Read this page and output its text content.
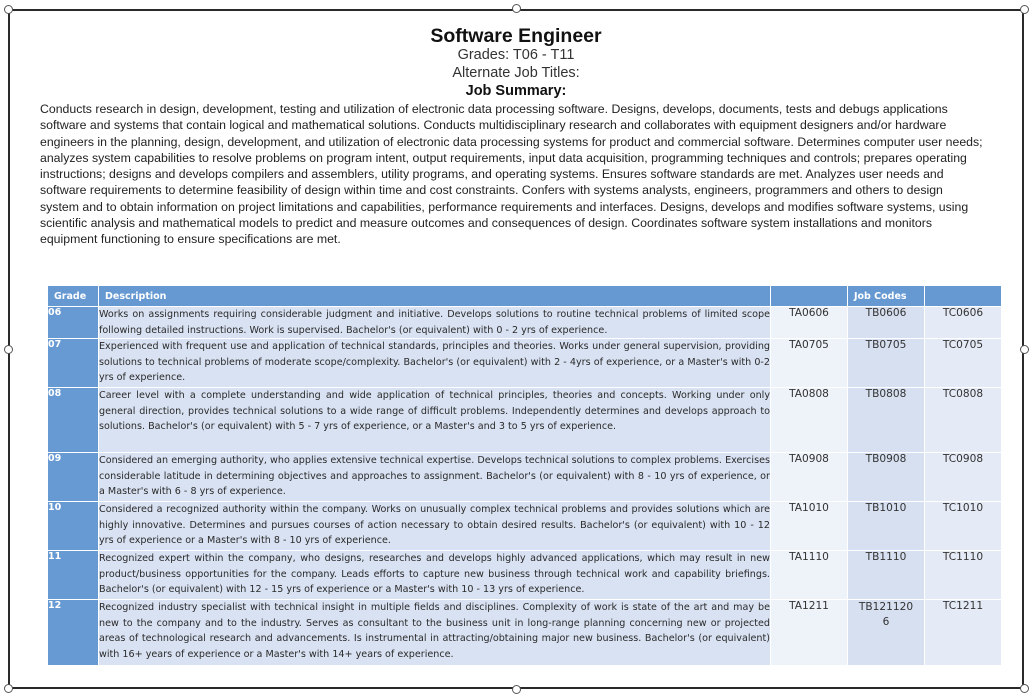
Software Engineer
Grades: T06 - T11
Alternate Job Titles:
Job Summary:

Conducts research in design, development, testing and utilization of electronic data processing software. Designs, develops, documents, tests and debugs applications software and systems that contain logical and mathematical solutions. Conducts multidisciplinary research and collaborates with equipment designers and/or hardware engineers in the planning, design, development, and utilization of electronic data processing systems for product and commercial software. Determines computer user needs; analyzes system capabilities to resolve problems on program intent, output requirements, input data acquisition, programming techniques and controls; prepares operating instructions; designs and develops compilers and assemblers, utility programs, and operating systems. Ensures software standards are met. Analyzes user needs and software requirements to determine feasibility of design within time and cost constraints. Confers with systems analysts, engineers, programmers and others to design system and to obtain information on project limitations and capabilities, performance requirements and interfaces. Designs, develops and modifies software systems, using scientific analysis and mathematical models to predict and measure outcomes and consequences of design. Coordinates software system installations and monitors equipment functioning to ensure specifications are met.

Grade	Description		Job Codes	
06	Works on assignments requiring considerable judgment and initiative. Develops solutions to routine technical problems of limited scope following detailed instructions. Work is supervised. Bachelor's (or equivalent) with 0 - 2 yrs of experience.	TA0606	TB0606	TC0606
07	Experienced with frequent use and application of technical standards, principles and theories. Works under general supervision, providing solutions to technical problems of moderate scope/complexity. Bachelor's (or equivalent) with 2 - 4yrs of experience, or a Master's with 0-2 yrs of experience.	TA0705	TB0705	TC0705
08	Career level with a complete understanding and wide application of technical principles, theories and concepts. Working under only general direction, provides technical solutions to a wide range of difficult problems. Independently determines and develops approach to solutions. Bachelor's (or equivalent) with 5 - 7 yrs of experience, or a Master's and 3 to 5 yrs of experience.	TA0808	TB0808	TC0808
09	Considered an emerging authority, who applies extensive technical expertise. Develops technical solutions to complex problems. Exercises considerable latitude in determining objectives and approaches to assignment. Bachelor's (or equivalent) with 8 - 10 yrs of experience, or a Master's with 6 - 8 yrs of experience.	TA0908	TB0908	TC0908
10	Considered a recognized authority within the company. Works on unusually complex technical problems and provides solutions which are highly innovative. Determines and pursues courses of action necessary to obtain desired results. Bachelor's (or equivalent) with 10 - 12 yrs of experience or a Master's with 8 - 10 yrs of experience.	TA1010	TB1010	TC1010
11	Recognized expert within the company, who designs, researches and develops highly advanced applications, which may result in new product/business opportunities for the company. Leads efforts to capture new business through technical work and capability briefings. Bachelor's (or equivalent) with 12 - 15 yrs of experience or a Master's with 10 - 13 yrs of experience.	TA1110	TB1110	TC1110
12	Recognized industry specialist with technical insight in multiple fields and disciplines. Complexity of work is state of the art and may be new to the company and to the industry. Serves as consultant to the business unit in long-range planning concerning new or projected areas of technological research and advancements. Is instrumental in attracting/obtaining major new business. Bachelor's (or equivalent) with 16+ years of experience or a Master's with 14+ years of experience.	TA1211	TB1211206	TC1211
